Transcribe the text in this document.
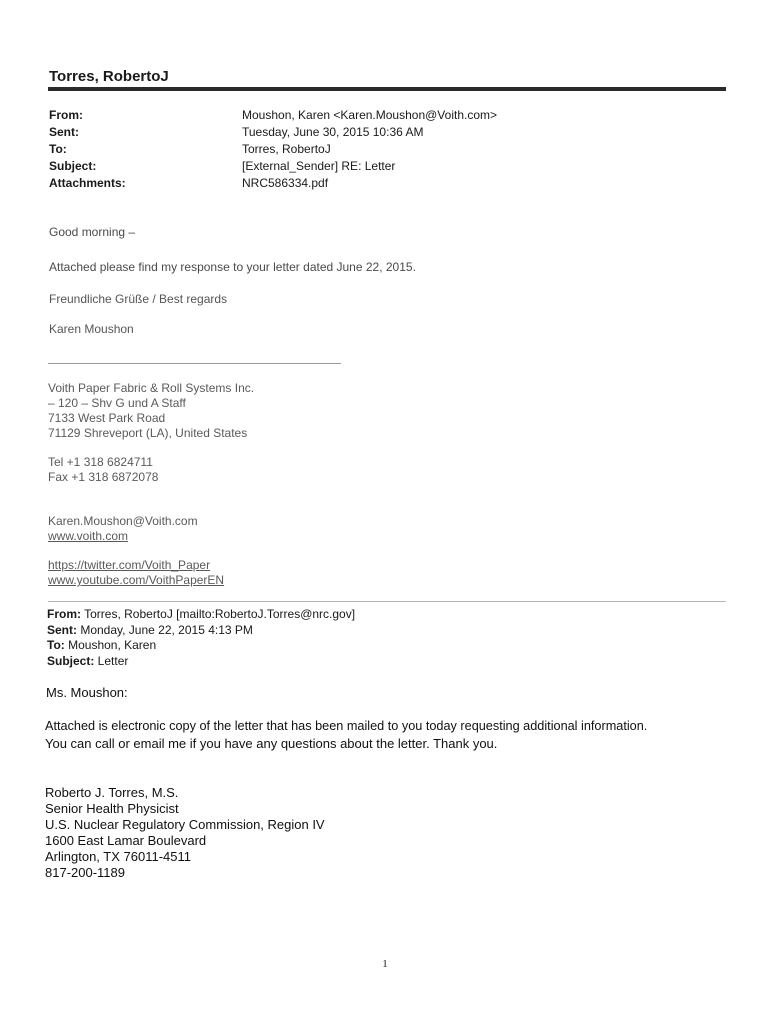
Torres, RobertoJ
From:	Moushon, Karen <Karen.Moushon@Voith.com>
Sent:	Tuesday, June 30, 2015 10:36 AM
To:	Torres, RobertoJ
Subject:	[External_Sender] RE: Letter
Attachments:	NRC586334.pdf
Good morning –
Attached please find my response to your letter dated June 22, 2015.
Freundliche Grüße / Best regards
Karen Moushon
Voith Paper Fabric & Roll Systems Inc.
– 120 – Shv G und A Staff
7133 West Park Road
71129 Shreveport (LA), United States
Tel +1 318 6824711
Fax +1 318 6872078
Karen.Moushon@Voith.com
www.voith.com
https://twitter.com/Voith_Paper
www.youtube.com/VoithPaperEN
From: Torres, RobertoJ [mailto:RobertoJ.Torres@nrc.gov]
Sent: Monday, June 22, 2015 4:13 PM
To: Moushon, Karen
Subject: Letter
Ms. Moushon:
Attached is electronic copy of the letter that has been mailed to you today requesting additional information.
You can call or email me if you have any questions about the letter. Thank you.
Roberto J. Torres, M.S.
Senior Health Physicist
U.S. Nuclear Regulatory Commission, Region IV
1600 East Lamar Boulevard
Arlington, TX 76011-4511
817-200-1189
1
